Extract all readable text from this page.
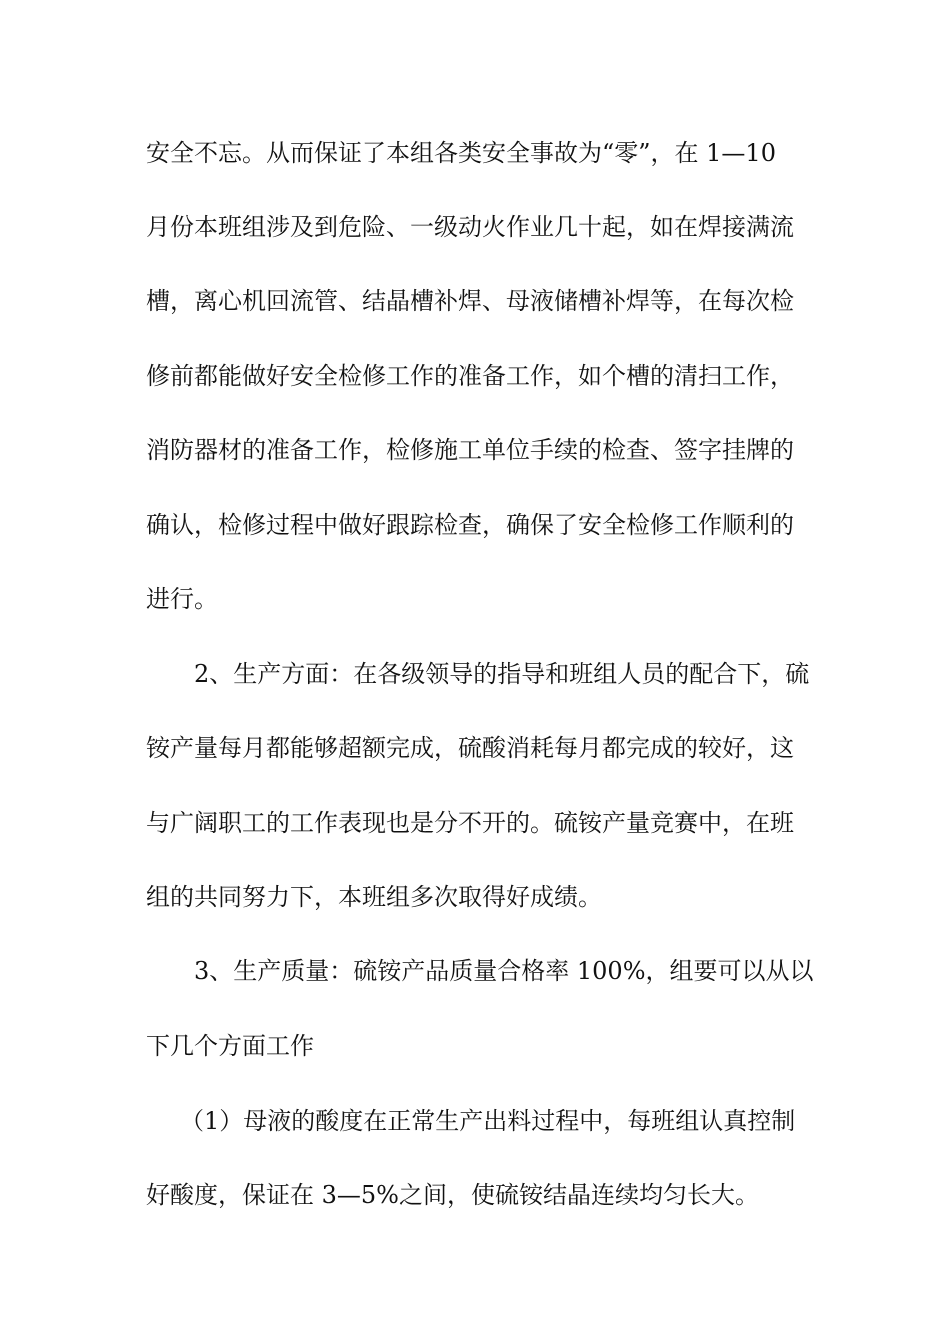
安全不忘。从而保证了本组各类安全事故为“零”，在 1—10
月份本班组涉及到危险、一级动火作业几十起，如在焊接满流
槽，离心机回流管、结晶槽补焊、母液储槽补焊等，在每次检
修前都能做好安全检修工作的准备工作，如个槽的清扫工作，
消防器材的准备工作，检修施工单位手续的检查、签字挂牌的
确认，检修过程中做好跟踪检查，确保了安全检修工作顺利的
进行。
2、生产方面：在各级领导的指导和班组人员的配合下，硫
铵产量每月都能够超额完成，硫酸消耗每月都完成的较好，这
与广阔职工的工作表现也是分不开的。硫铵产量竞赛中，在班
组的共同努力下，本班组多次取得好成绩。
3、生产质量：硫铵产品质量合格率 100%，组要可以从以
下几个方面工作
（1）母液的酸度在正常生产出料过程中，每班组认真控制
好酸度，保证在 3—5%之间，使硫铵结晶连续均匀长大。
